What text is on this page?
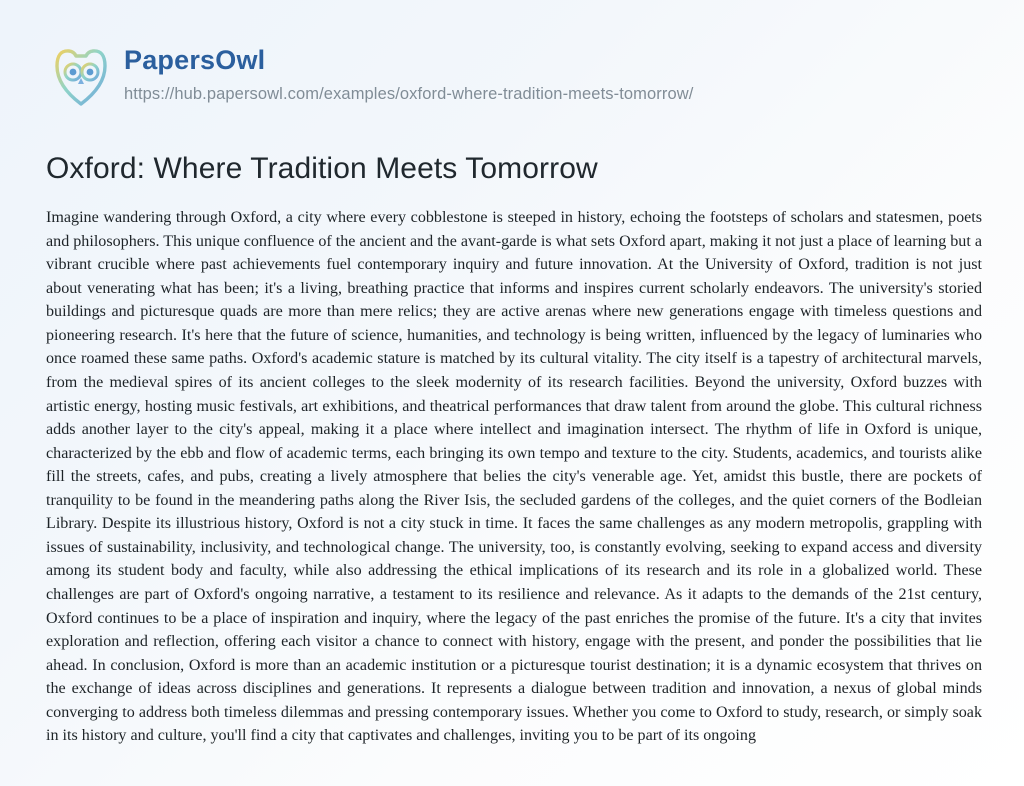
PapersOwl
https://hub.papersowl.com/examples/oxford-where-tradition-meets-tomorrow/
Oxford: Where Tradition Meets Tomorrow
Imagine wandering through Oxford, a city where every cobblestone is steeped in history, echoing the footsteps of scholars and statesmen, poets and philosophers. This unique confluence of the ancient and the avant-garde is what sets Oxford apart, making it not just a place of learning but a vibrant crucible where past achievements fuel contemporary inquiry and future innovation. At the University of Oxford, tradition is not just about venerating what has been; it's a living, breathing practice that informs and inspires current scholarly endeavors. The university's storied buildings and picturesque quads are more than mere relics; they are active arenas where new generations engage with timeless questions and pioneering research. It's here that the future of science, humanities, and technology is being written, influenced by the legacy of luminaries who once roamed these same paths. Oxford's academic stature is matched by its cultural vitality. The city itself is a tapestry of architectural marvels, from the medieval spires of its ancient colleges to the sleek modernity of its research facilities. Beyond the university, Oxford buzzes with artistic energy, hosting music festivals, art exhibitions, and theatrical performances that draw talent from around the globe. This cultural richness adds another layer to the city's appeal, making it a place where intellect and imagination intersect. The rhythm of life in Oxford is unique, characterized by the ebb and flow of academic terms, each bringing its own tempo and texture to the city. Students, academics, and tourists alike fill the streets, cafes, and pubs, creating a lively atmosphere that belies the city's venerable age. Yet, amidst this bustle, there are pockets of tranquility to be found in the meandering paths along the River Isis, the secluded gardens of the colleges, and the quiet corners of the Bodleian Library. Despite its illustrious history, Oxford is not a city stuck in time. It faces the same challenges as any modern metropolis, grappling with issues of sustainability, inclusivity, and technological change. The university, too, is constantly evolving, seeking to expand access and diversity among its student body and faculty, while also addressing the ethical implications of its research and its role in a globalized world. These challenges are part of Oxford's ongoing narrative, a testament to its resilience and relevance. As it adapts to the demands of the 21st century, Oxford continues to be a place of inspiration and inquiry, where the legacy of the past enriches the promise of the future. It's a city that invites exploration and reflection, offering each visitor a chance to connect with history, engage with the present, and ponder the possibilities that lie ahead. In conclusion, Oxford is more than an academic institution or a picturesque tourist destination; it is a dynamic ecosystem that thrives on the exchange of ideas across disciplines and generations. It represents a dialogue between tradition and innovation, a nexus of global minds converging to address both timeless dilemmas and pressing contemporary issues. Whether you come to Oxford to study, research, or simply soak in its history and culture, you'll find a city that captivates and challenges, inviting you to be part of its ongoing
